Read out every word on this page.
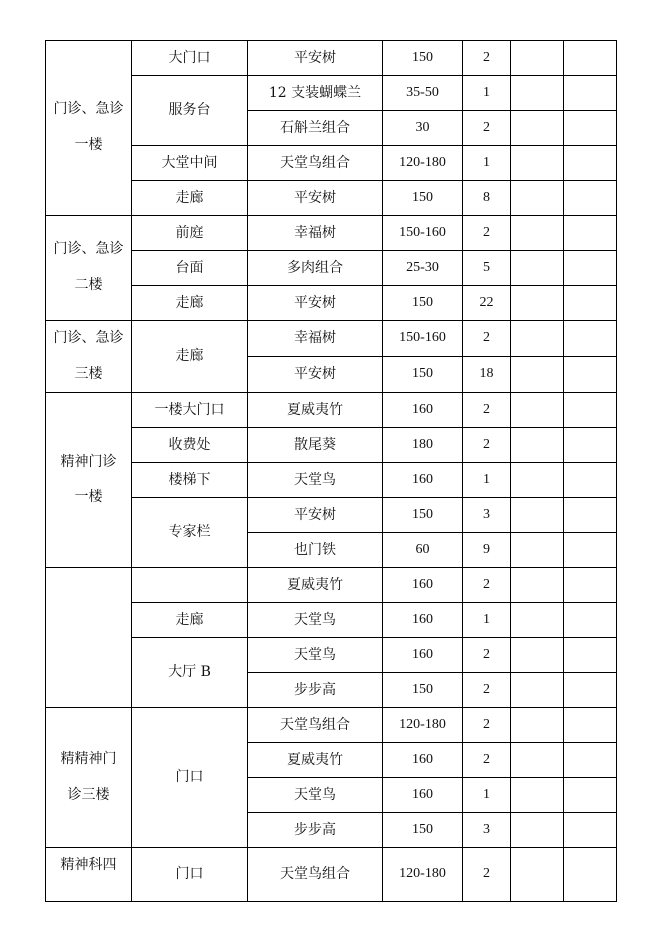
门诊、急诊
一楼	大门口	平安树	150	2		
	服务台	12 支装蝴蝶兰	35-50	1		
		石斛兰组合	30	2		
	大堂中间	天堂鸟组合	120-180	1		
	走廊	平安树	150	8		
门诊、急诊
二楼	前庭	幸福树	150-160	2		
	台面	多肉组合	25-30	5		
	走廊	平安树	150	22		
门诊、急诊
三楼	走廊	幸福树	150-160	2		
		平安树	150	18		
精神门诊
一楼	一楼大门口	夏威夷竹	160	2		
	收费处	散尾葵	180	2		
	楼梯下	天堂鸟	160	1		
	专家栏	平安树	150	3		
		也门铁	60	9		

		夏威夷竹	160	2		
	走廊	天堂鸟	160	1		
	大厅 B	天堂鸟	160	2		
		步步高	150	2		
精精神门
诊三楼	门口	天堂鸟组合	120-180	2		
		夏威夷竹	160	2		
		天堂鸟	160	1		
		步步高	150	3		
精神科四	门口	天堂鸟组合	120-180	2		
